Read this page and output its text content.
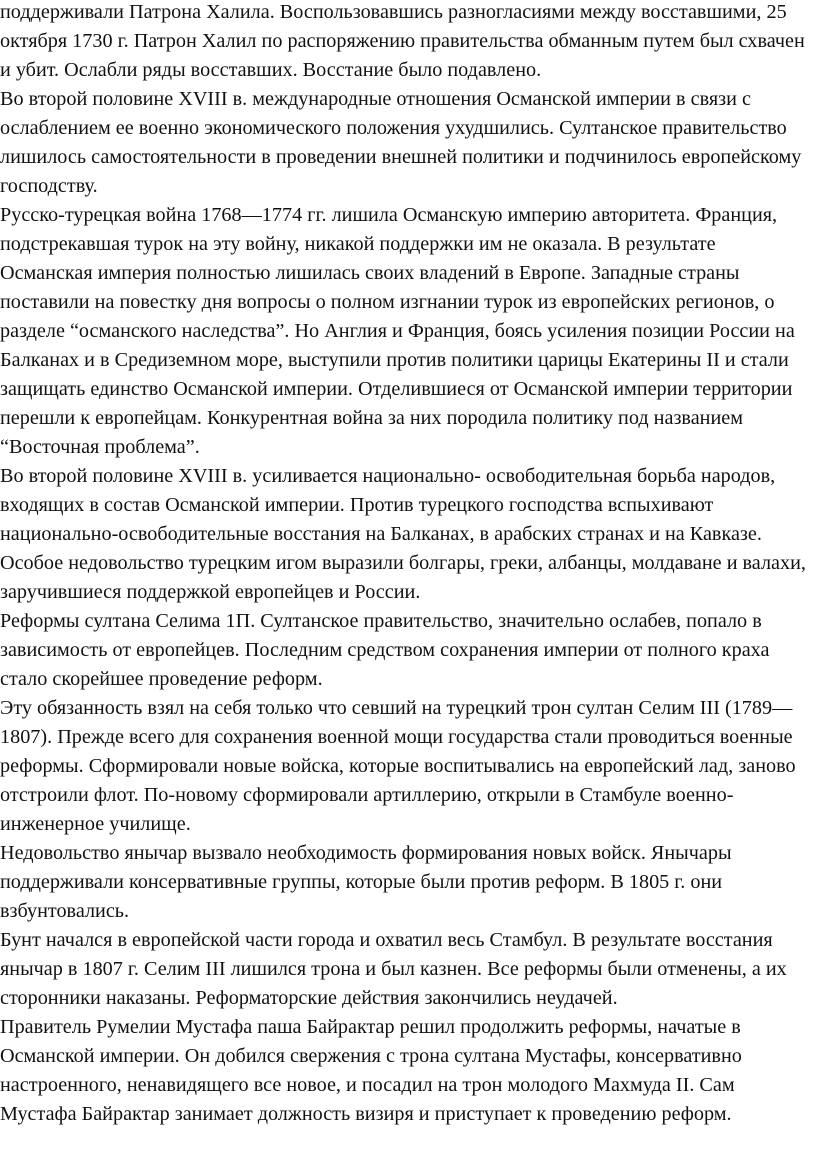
поддерживали Патрона Халила. Воспользовавшись разногласиями между восставшими, 25 октября 1730 г. Патрон Халил по распоряжению правительства обманным путем был схвачен и убит. Ослабли ряды восставших. Восстание было подавлено.

Во второй половине XVIII в. международные отношения Османской империи в связи с ослаблением ее военно экономического положения ухудшились. Султанское правительство лишилось самостоятельности в проведении внешней политики и подчинилось европейскому господству.

Русско-турецкая война 1768—1774 гг. лишила Османскую империю авторитета. Франция, подстрекавшая турок на эту войну, никакой поддержки им не оказала. В результате Османская империя полностью лишилась своих владений в Европе. Западные страны поставили на повестку дня вопросы о полном изгнании турок из европейских регионов, о разделе “османского наследства”. Но Англия и Франция, боясь усиления позиции России на Балканах и в Средиземном море, выступили против политики царицы Екатерины II и стали защищать единство Османской империи. Отделившиеся от Османской империи территории перешли к европейцам. Конкурентная война за них породила политику под названием “Восточная проблема”.

Во второй половине XVIII в. усиливается национально- освободительная борьба народов, входящих в состав Османской империи. Против турецкого господства вспыхивают национально-освободительные восстания на Балканах, в арабских странах и на Кавказе. Особое недовольство турецким игом выразили болгары, греки, албанцы, молдаване и валахи, заручившиеся поддержкой европейцев и России.

Реформы султана Селима 1П. Султанское правительство, значительно ослабев, попало в зависимость от европейцев. Последним средством сохранения империи от полного краха стало скорейшее проведение реформ.

Эту обязанность взял на себя только что севший на турецкий трон султан Селим III (1789—1807). Прежде всего для сохранения военной мощи государства стали проводиться военные реформы. Сформировали новые войска, которые воспитывались на европейский лад, заново отстроили флот. По-новому сформировали артиллерию, открыли в Стамбуле военно-инженерное училище.

Недовольство янычар вызвало необходимость формирования новых войск. Янычары поддерживали консервативные группы, которые были против реформ. В 1805 г. они взбунтовались.

Бунт начался в европейской части города и охватил весь Стамбул. В результате восстания янычар в 1807 г. Селим III лишился трона и был казнен. Все реформы были отменены, а их сторонники наказаны. Реформаторские действия закончились неудачей.

Правитель Румелии Мустафа паша Байрактар решил продолжить реформы, начатые в Османской империи. Он добился свержения с трона султана Мустафы, консервативно настроенного, ненавидящего все новое, и посадил на трон молодого Махмуда II. Сам Мустафа Байрактар занимает должность визиря и приступает к проведению реформ.
